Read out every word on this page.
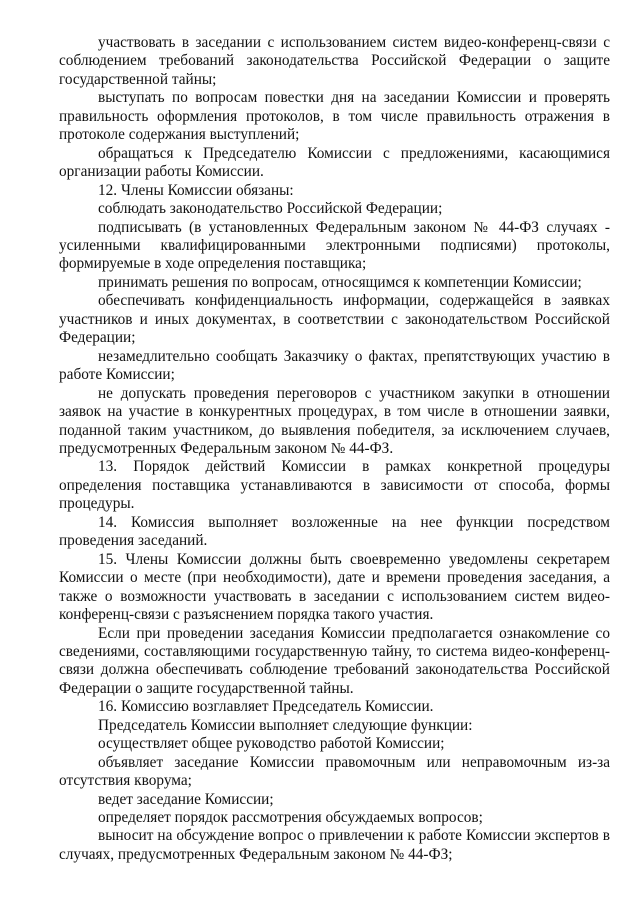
участвовать в заседании с использованием систем видео-конференц-связи с соблюдением требований законодательства Российской Федерации о защите государственной тайны;

выступать по вопросам повестки дня на заседании Комиссии и проверять правильность оформления протоколов, в том числе правильность отражения в протоколе содержания выступлений;

обращаться к Председателю Комиссии с предложениями, касающимися организации работы Комиссии.

12. Члены Комиссии обязаны:

соблюдать законодательство Российской Федерации;

подписывать (в установленных Федеральным законом № 44-ФЗ случаях - усиленными квалифицированными электронными подписями) протоколы, формируемые в ходе определения поставщика;

принимать решения по вопросам, относящимся к компетенции Комиссии;

обеспечивать конфиденциальность информации, содержащейся в заявках участников и иных документах, в соответствии с законодательством Российской Федерации;

незамедлительно сообщать Заказчику о фактах, препятствующих участию в работе Комиссии;

не допускать проведения переговоров с участником закупки в отношении заявок на участие в конкурентных процедурах, в том числе в отношении заявки, поданной таким участником, до выявления победителя, за исключением случаев, предусмотренных Федеральным законом № 44-ФЗ.

13. Порядок действий Комиссии в рамках конкретной процедуры определения поставщика устанавливаются в зависимости от способа, формы процедуры.

14. Комиссия выполняет возложенные на нее функции посредством проведения заседаний.

15. Члены Комиссии должны быть своевременно уведомлены секретарем Комиссии о месте (при необходимости), дате и времени проведения заседания, а также о возможности участвовать в заседании с использованием систем видео-конференц-связи с разъяснением порядка такого участия.

Если при проведении заседания Комиссии предполагается ознакомление со сведениями, составляющими государственную тайну, то система видео-конференц-связи должна обеспечивать соблюдение требований законодательства Российской Федерации о защите государственной тайны.

16. Комиссию возглавляет Председатель Комиссии.

Председатель Комиссии выполняет следующие функции:

осуществляет общее руководство работой Комиссии;

объявляет заседание Комиссии правомочным или неправомочным из-за отсутствия кворума;

ведет заседание Комиссии;

определяет порядок рассмотрения обсуждаемых вопросов;

выносит на обсуждение вопрос о привлечении к работе Комиссии экспертов в случаях, предусмотренных Федеральным законом № 44-ФЗ;
